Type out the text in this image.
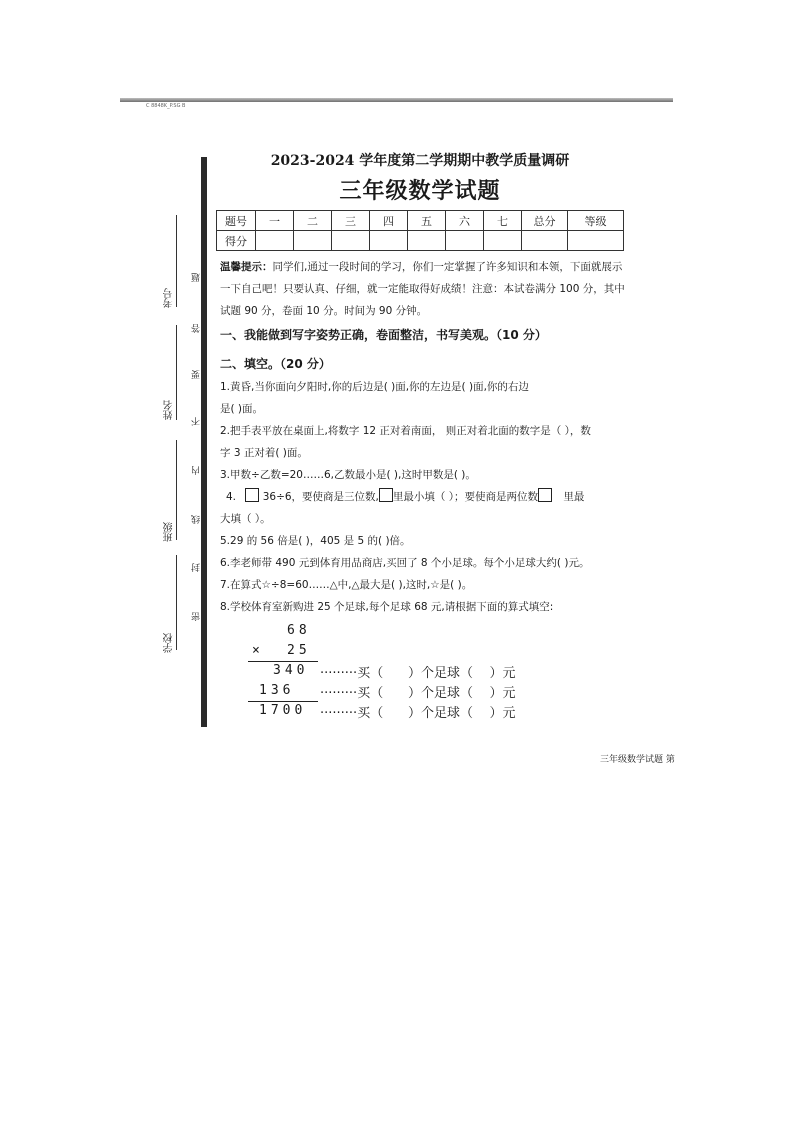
C 8848K_P.SG B
考号
姓名
班级
学校
题
答
要
不
内
线
封
密
2023-2024 学年度第二学期期中教学质量调研
三年级数学试题
题号	一	二	三	四	五	六	七	总分	等级
得分									
温馨提示：同学们,通过一段时间的学习，你们一定掌握了许多知识和本领，下面就展示一下自己吧！只要认真、仔细，就一定能取得好成绩！注意：本试卷满分 100 分，其中试题 90 分，卷面 10 分。时间为 90 分钟。
一、我能做到写字姿势正确，卷面整洁，书写美观。（10 分）
二、填空。（20 分）
1.黄昏,当你面向夕阳时,你的后边是( )面,你的左边是( )面,你的右边
是( )面。
2.把手表平放在桌面上,将数字 12 正对着南面， 则正对着北面的数字是（ ），数
字 3 正对着( )面。
3.甲数÷乙数=20……6,乙数最小是( ),这时甲数是( )。
4.	36÷6，要使商是三位数, 里最小填（ ）；要使商是两位数 里最
大填（ ）。
5.29 的 56 倍是( )，405 是 5 的( )倍。
6.李老师带 490 元到体育用品商店,买回了 8 个小足球。每个小足球大约( )元。
7.在算式☆÷8=60……△中,△最大是( ),这时,☆是( )。
8.学校体育室新购进 25 个足球,每个足球 68 元,请根据下面的算式填空:
68
× 25
340 ·········买（      ）个足球（    ）元
136 ·········买（      ）个足球（    ）元
1700 ·········买（      ）个足球（    ）元
三年级数学试题 第
